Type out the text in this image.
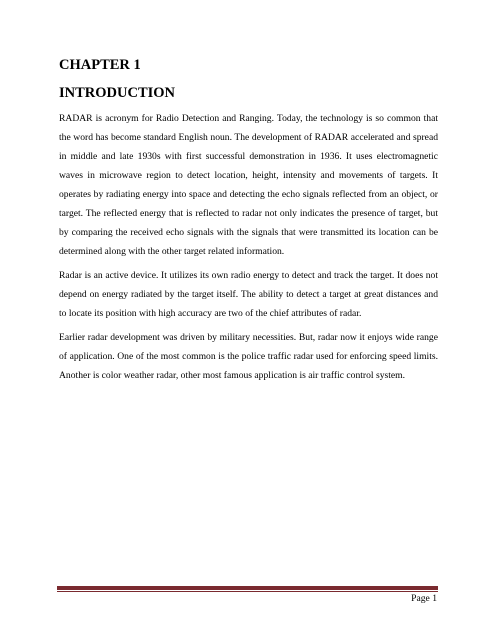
CHAPTER 1

INTRODUCTION

RADAR is acronym for Radio Detection and Ranging. Today, the technology is so common that the word has become standard English noun. The development of RADAR accelerated and spread in middle and late 1930s with first successful demonstration in 1936. It uses electromagnetic waves in microwave region to detect location, height, intensity and movements of targets. It operates by radiating energy into space and detecting the echo signals reflected from an object, or target. The reflected energy that is reflected to radar not only indicates the presence of target, but by comparing the received echo signals with the signals that were transmitted its location can be determined along with the other target related information.

Radar is an active device. It utilizes its own radio energy to detect and track the target. It does not depend on energy radiated by the target itself. The ability to detect a target at great distances and to locate its position with high accuracy are two of the chief attributes of radar.

Earlier radar development was driven by military necessities. But, radar now it enjoys wide range of application. One of the most common is the police traffic radar used for enforcing speed limits. Another is color weather radar, other most famous application is air traffic control system.

Page 1
